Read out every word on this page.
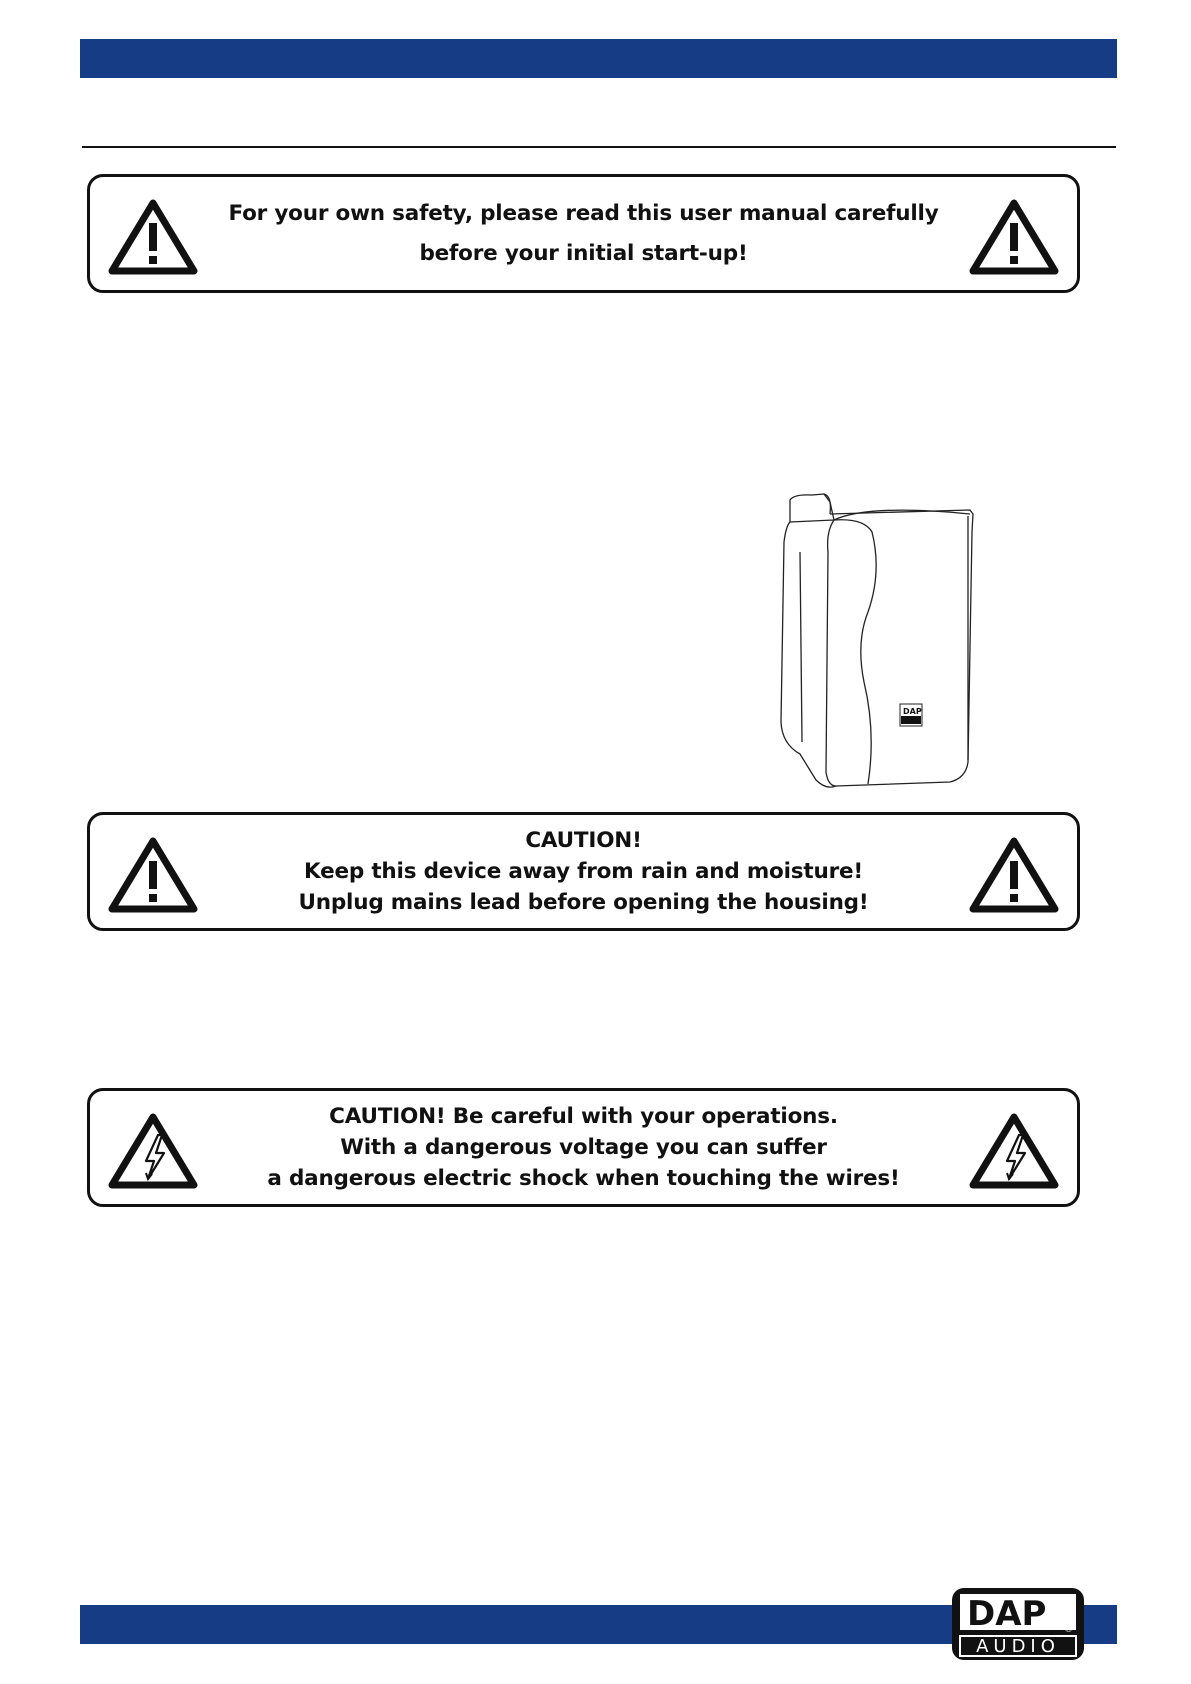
For your own safety, please read this user manual carefully
before your initial start-up!
DAP
CAUTION!
Keep this device away from rain and moisture!
Unplug mains lead before opening the housing!
CAUTION! Be careful with your operations.
With a dangerous voltage you can suffer
a dangerous electric shock when touching the wires!
DAP ®
AUDIO
